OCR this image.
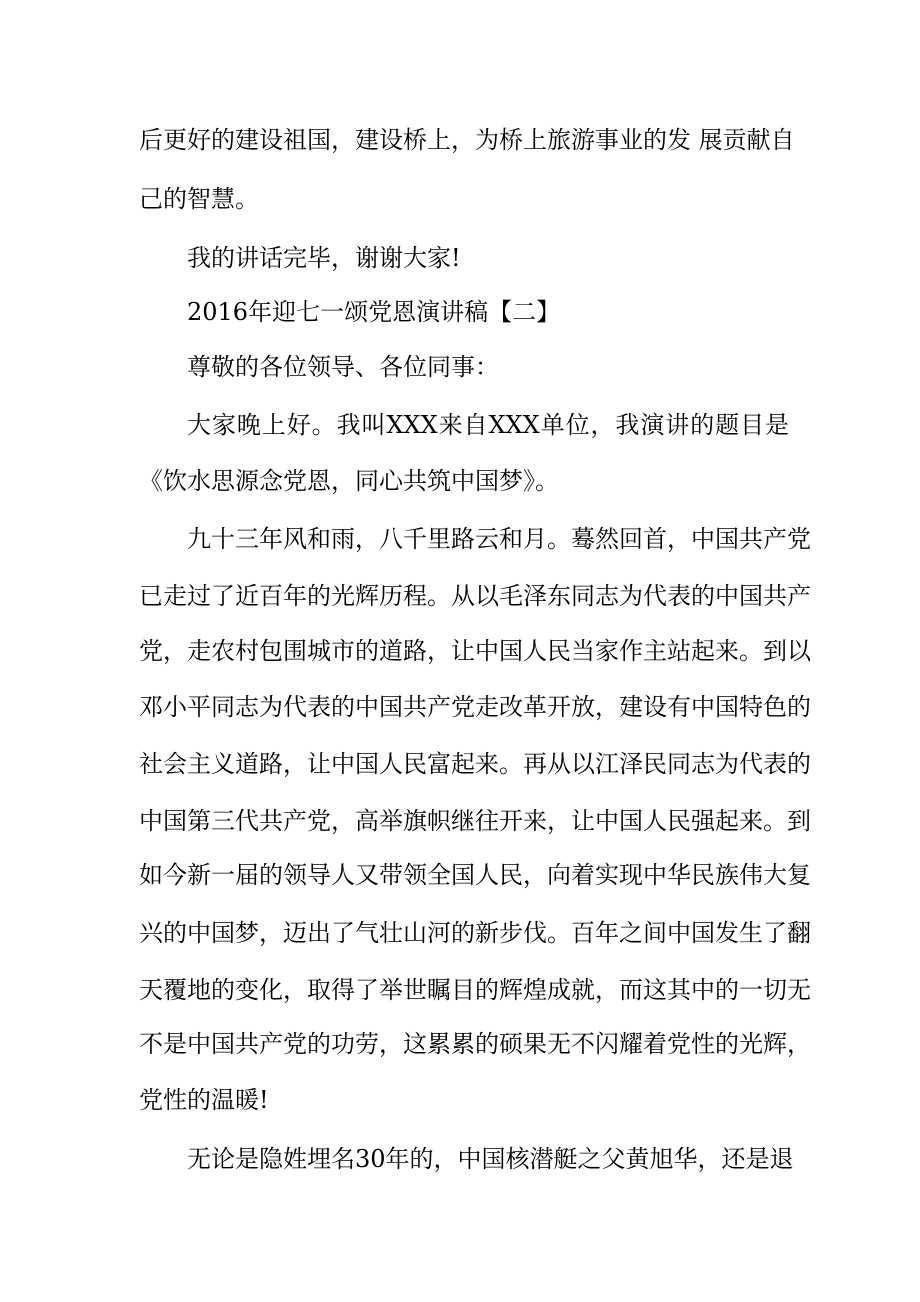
后更好的建设祖国，建设桥上，为桥上旅游事业的发 展贡献自
己的智慧。
我的讲话完毕，谢谢大家!
2016年迎七一颂党恩演讲稿【二】
尊敬的各位领导、各位同事：
大家晚上好。我叫XXX来自XXX单位，我演讲的题目是
《饮水思源念党恩，同心共筑中国梦》。
九十三年风和雨，八千里路云和月。蓦然回首，中国共产党
已走过了近百年的光辉历程。从以毛泽东同志为代表的中国共产
党，走农村包围城市的道路，让中国人民当家作主站起来。到以
邓小平同志为代表的中国共产党走改革开放，建设有中国特色的
社会主义道路，让中国人民富起来。再从以江泽民同志为代表的
中国第三代共产党，高举旗帜继往开来，让中国人民强起来。到
如今新一届的领导人又带领全国人民，向着实现中华民族伟大复
兴的中国梦，迈出了气壮山河的新步伐。百年之间中国发生了翻
天覆地的变化，取得了举世瞩目的辉煌成就，而这其中的一切无
不是中国共产党的功劳，这累累的硕果无不闪耀着党性的光辉，
党性的温暖!
无论是隐姓埋名30年的，中国核潜艇之父黄旭华，还是退
